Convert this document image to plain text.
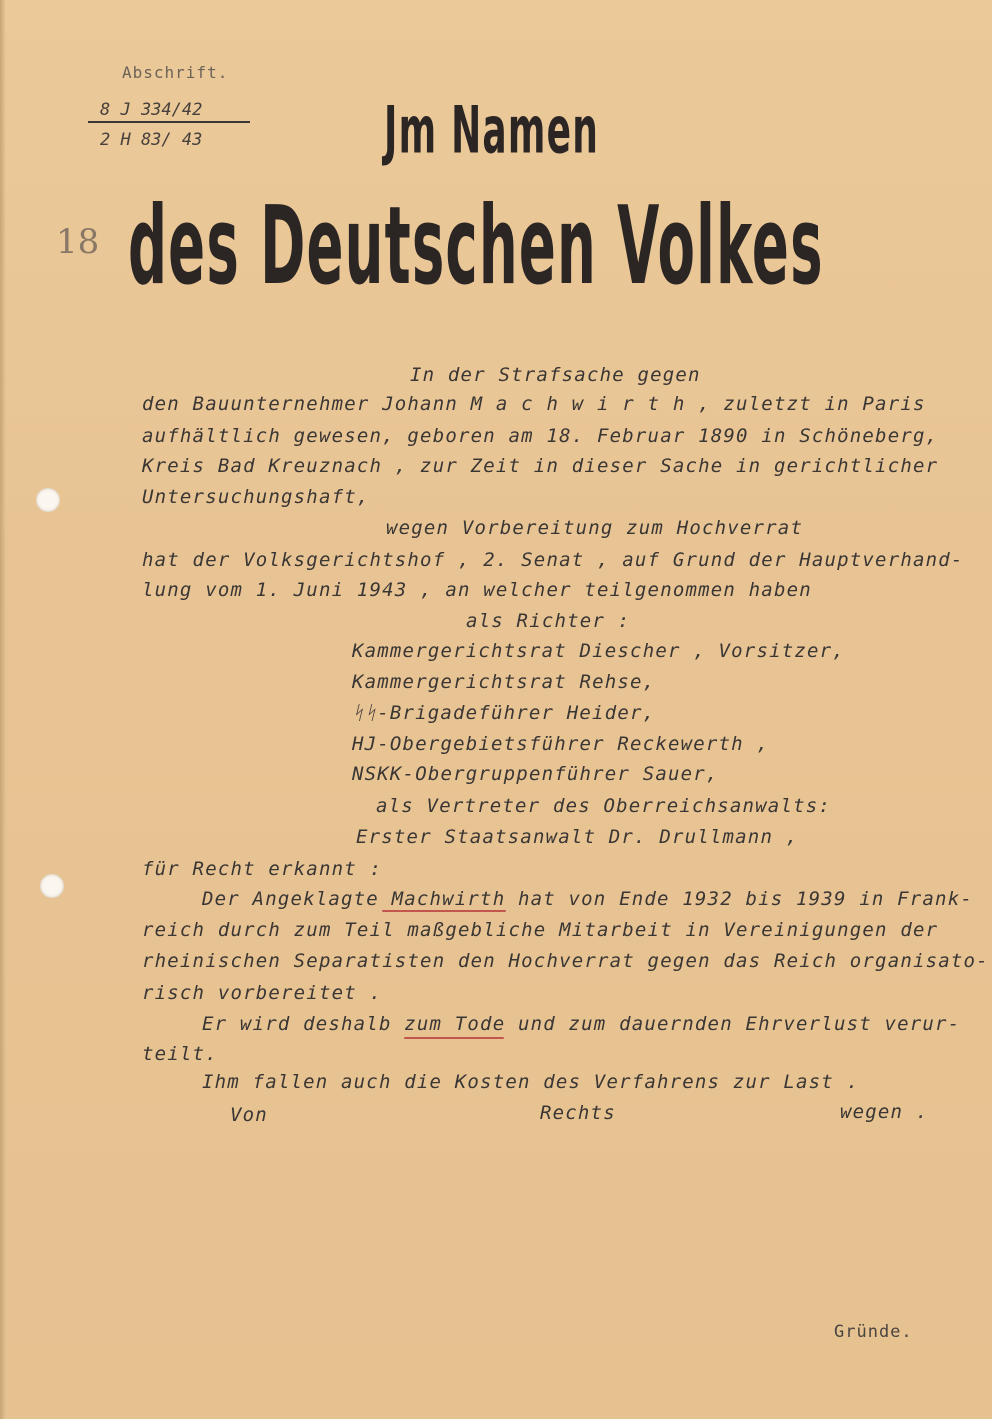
Abschrift.
8 J 334/42
2 H 83/ 43
18
Jm Namen
des Deutschen Volkes
In der Strafsache gegen
den Bauunternehmer Johann M a c h w i r t h , zuletzt in Paris
aufhältlich gewesen, geboren am 18. Februar 1890 in Schöneberg,
Kreis Bad Kreuznach , zur Zeit in dieser Sache in gerichtlicher
Untersuchungshaft,
wegen Vorbereitung zum Hochverrat
hat der Volksgerichtshof , 2. Senat , auf Grund der Hauptverhand-
lung vom 1. Juni 1943 , an welcher teilgenommen haben
als Richter :
Kammergerichtsrat Diescher , Vorsitzer,
Kammergerichtsrat Rehse,
ᛋᛋ-Brigadeführer Heider,
HJ-Obergebietsführer Reckewerth ,
NSKK-Obergruppenführer Sauer,
als Vertreter des Oberreichsanwalts:
Erster Staatsanwalt Dr. Drullmann ,
für Recht erkannt :
Der Angeklagte Machwirth hat von Ende 1932 bis 1939 in Frank-
reich durch zum Teil maßgebliche Mitarbeit in Vereinigungen der
rheinischen Separatisten den Hochverrat gegen das Reich organisato-
risch vorbereitet .
Er wird deshalb zum Tode und zum dauernden Ehrverlust verur-
teilt.
Ihm fallen auch die Kosten des Verfahrens zur Last .
Von	Rechts	wegen .
Gründe.
